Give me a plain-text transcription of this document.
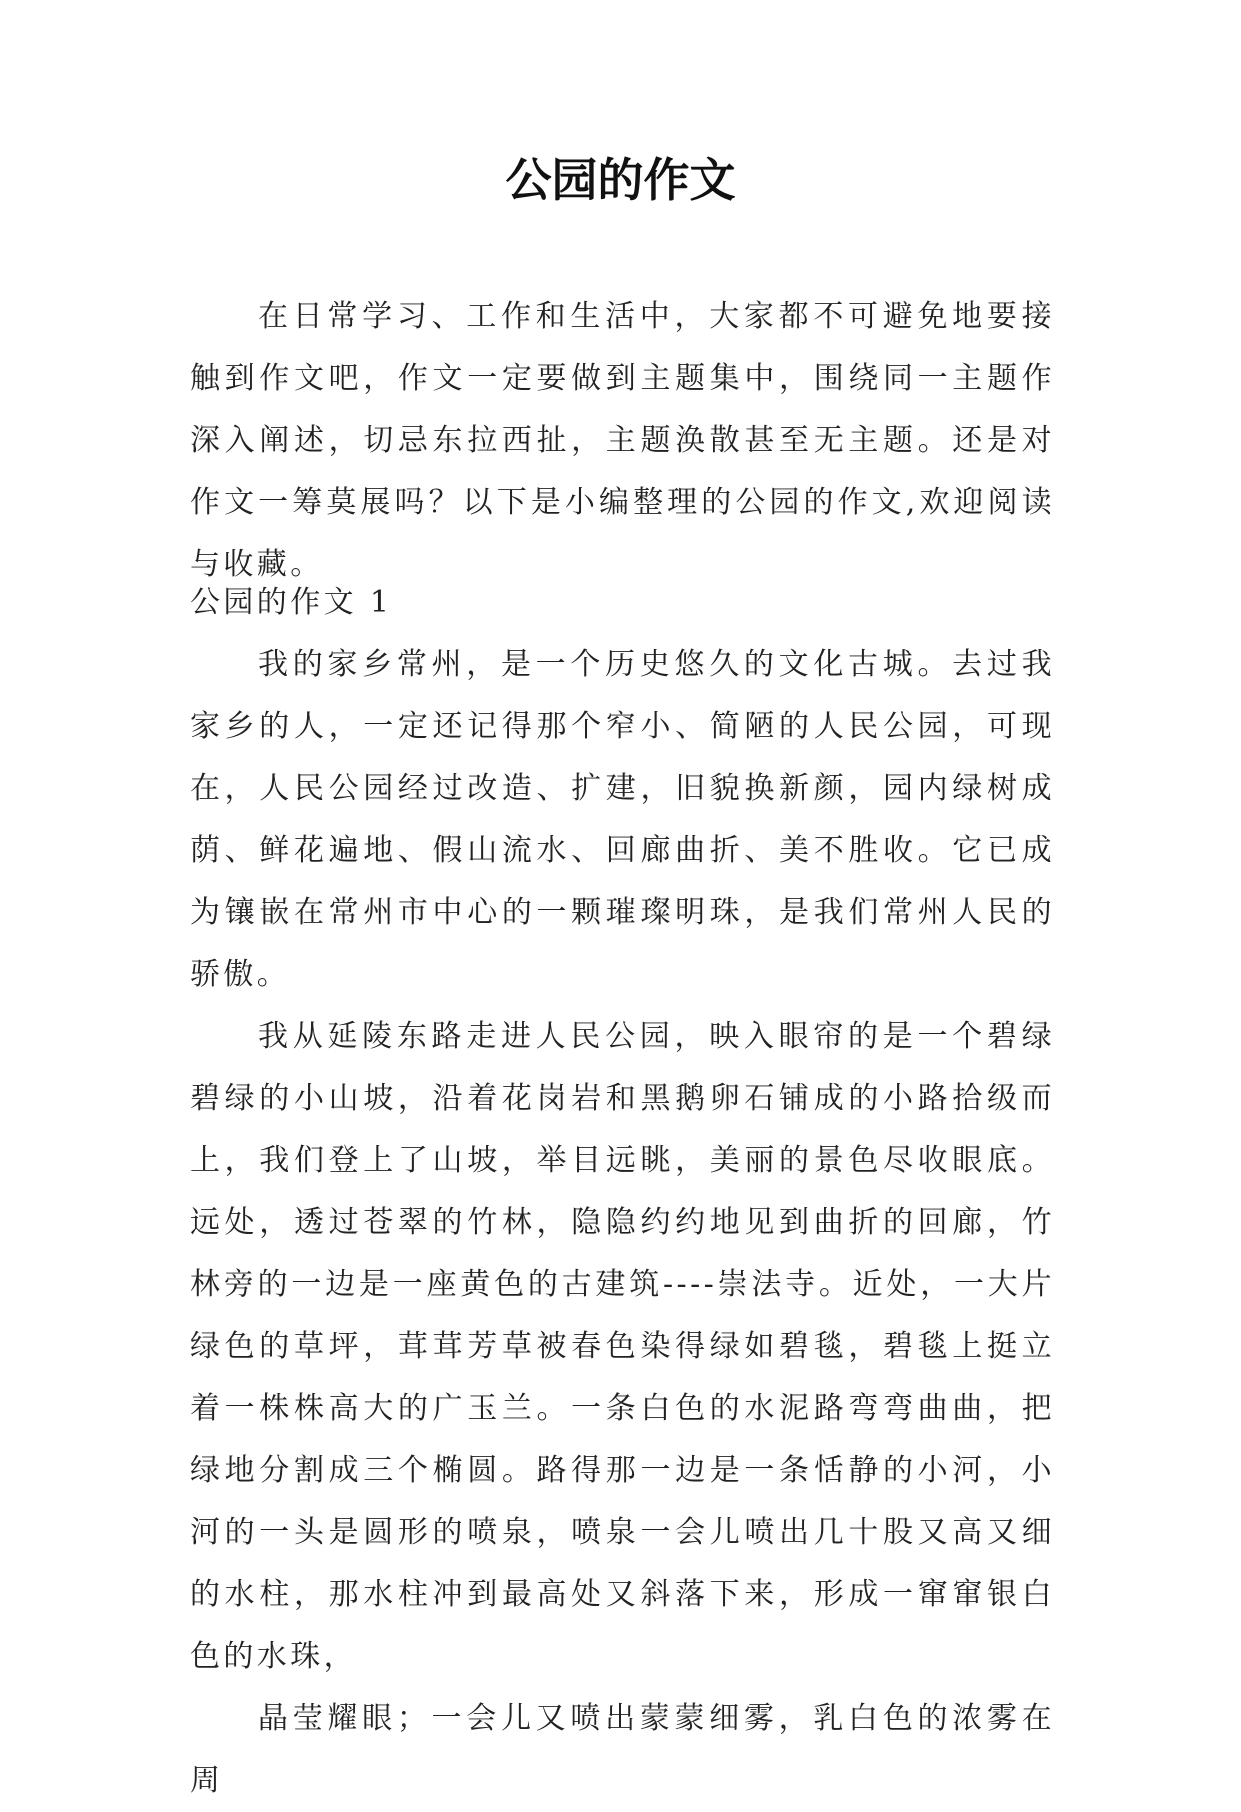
公园的作文

在日常学习、工作和生活中，大家都不可避免地要接触到作文吧，作文一定要做到主题集中，围绕同一主题作深入阐述，切忌东拉西扯，主题涣散甚至无主题。还是对作文一筹莫展吗？以下是小编整理的公园的作文,欢迎阅读与收藏。

公园的作文 1

我的家乡常州，是一个历史悠久的文化古城。去过我家乡的人，一定还记得那个窄小、简陋的人民公园，可现在，人民公园经过改造、扩建，旧貌换新颜，园内绿树成荫、鲜花遍地、假山流水、回廊曲折、美不胜收。它已成为镶嵌在常州市中心的一颗璀璨明珠，是我们常州人民的骄傲。

我从延陵东路走进人民公园，映入眼帘的是一个碧绿碧绿的小山坡，沿着花岗岩和黑鹅卵石铺成的小路拾级而上，我们登上了山坡，举目远眺，美丽的景色尽收眼底。远处，透过苍翠的竹林，隐隐约约地见到曲折的回廊，竹林旁的一边是一座黄色的古建筑----崇法寺。近处，一大片绿色的草坪，茸茸芳草被春色染得绿如碧毯，碧毯上挺立着一株株高大的广玉兰。一条白色的水泥路弯弯曲曲，把绿地分割成三个椭圆。路得那一边是一条恬静的小河，小河的一头是圆形的喷泉，喷泉一会儿喷出几十股又高又细的水柱，那水柱冲到最高处又斜落下来，形成一窜窜银白色的水珠，

晶莹耀眼；一会儿又喷出蒙蒙细雾，乳白色的浓雾在周
